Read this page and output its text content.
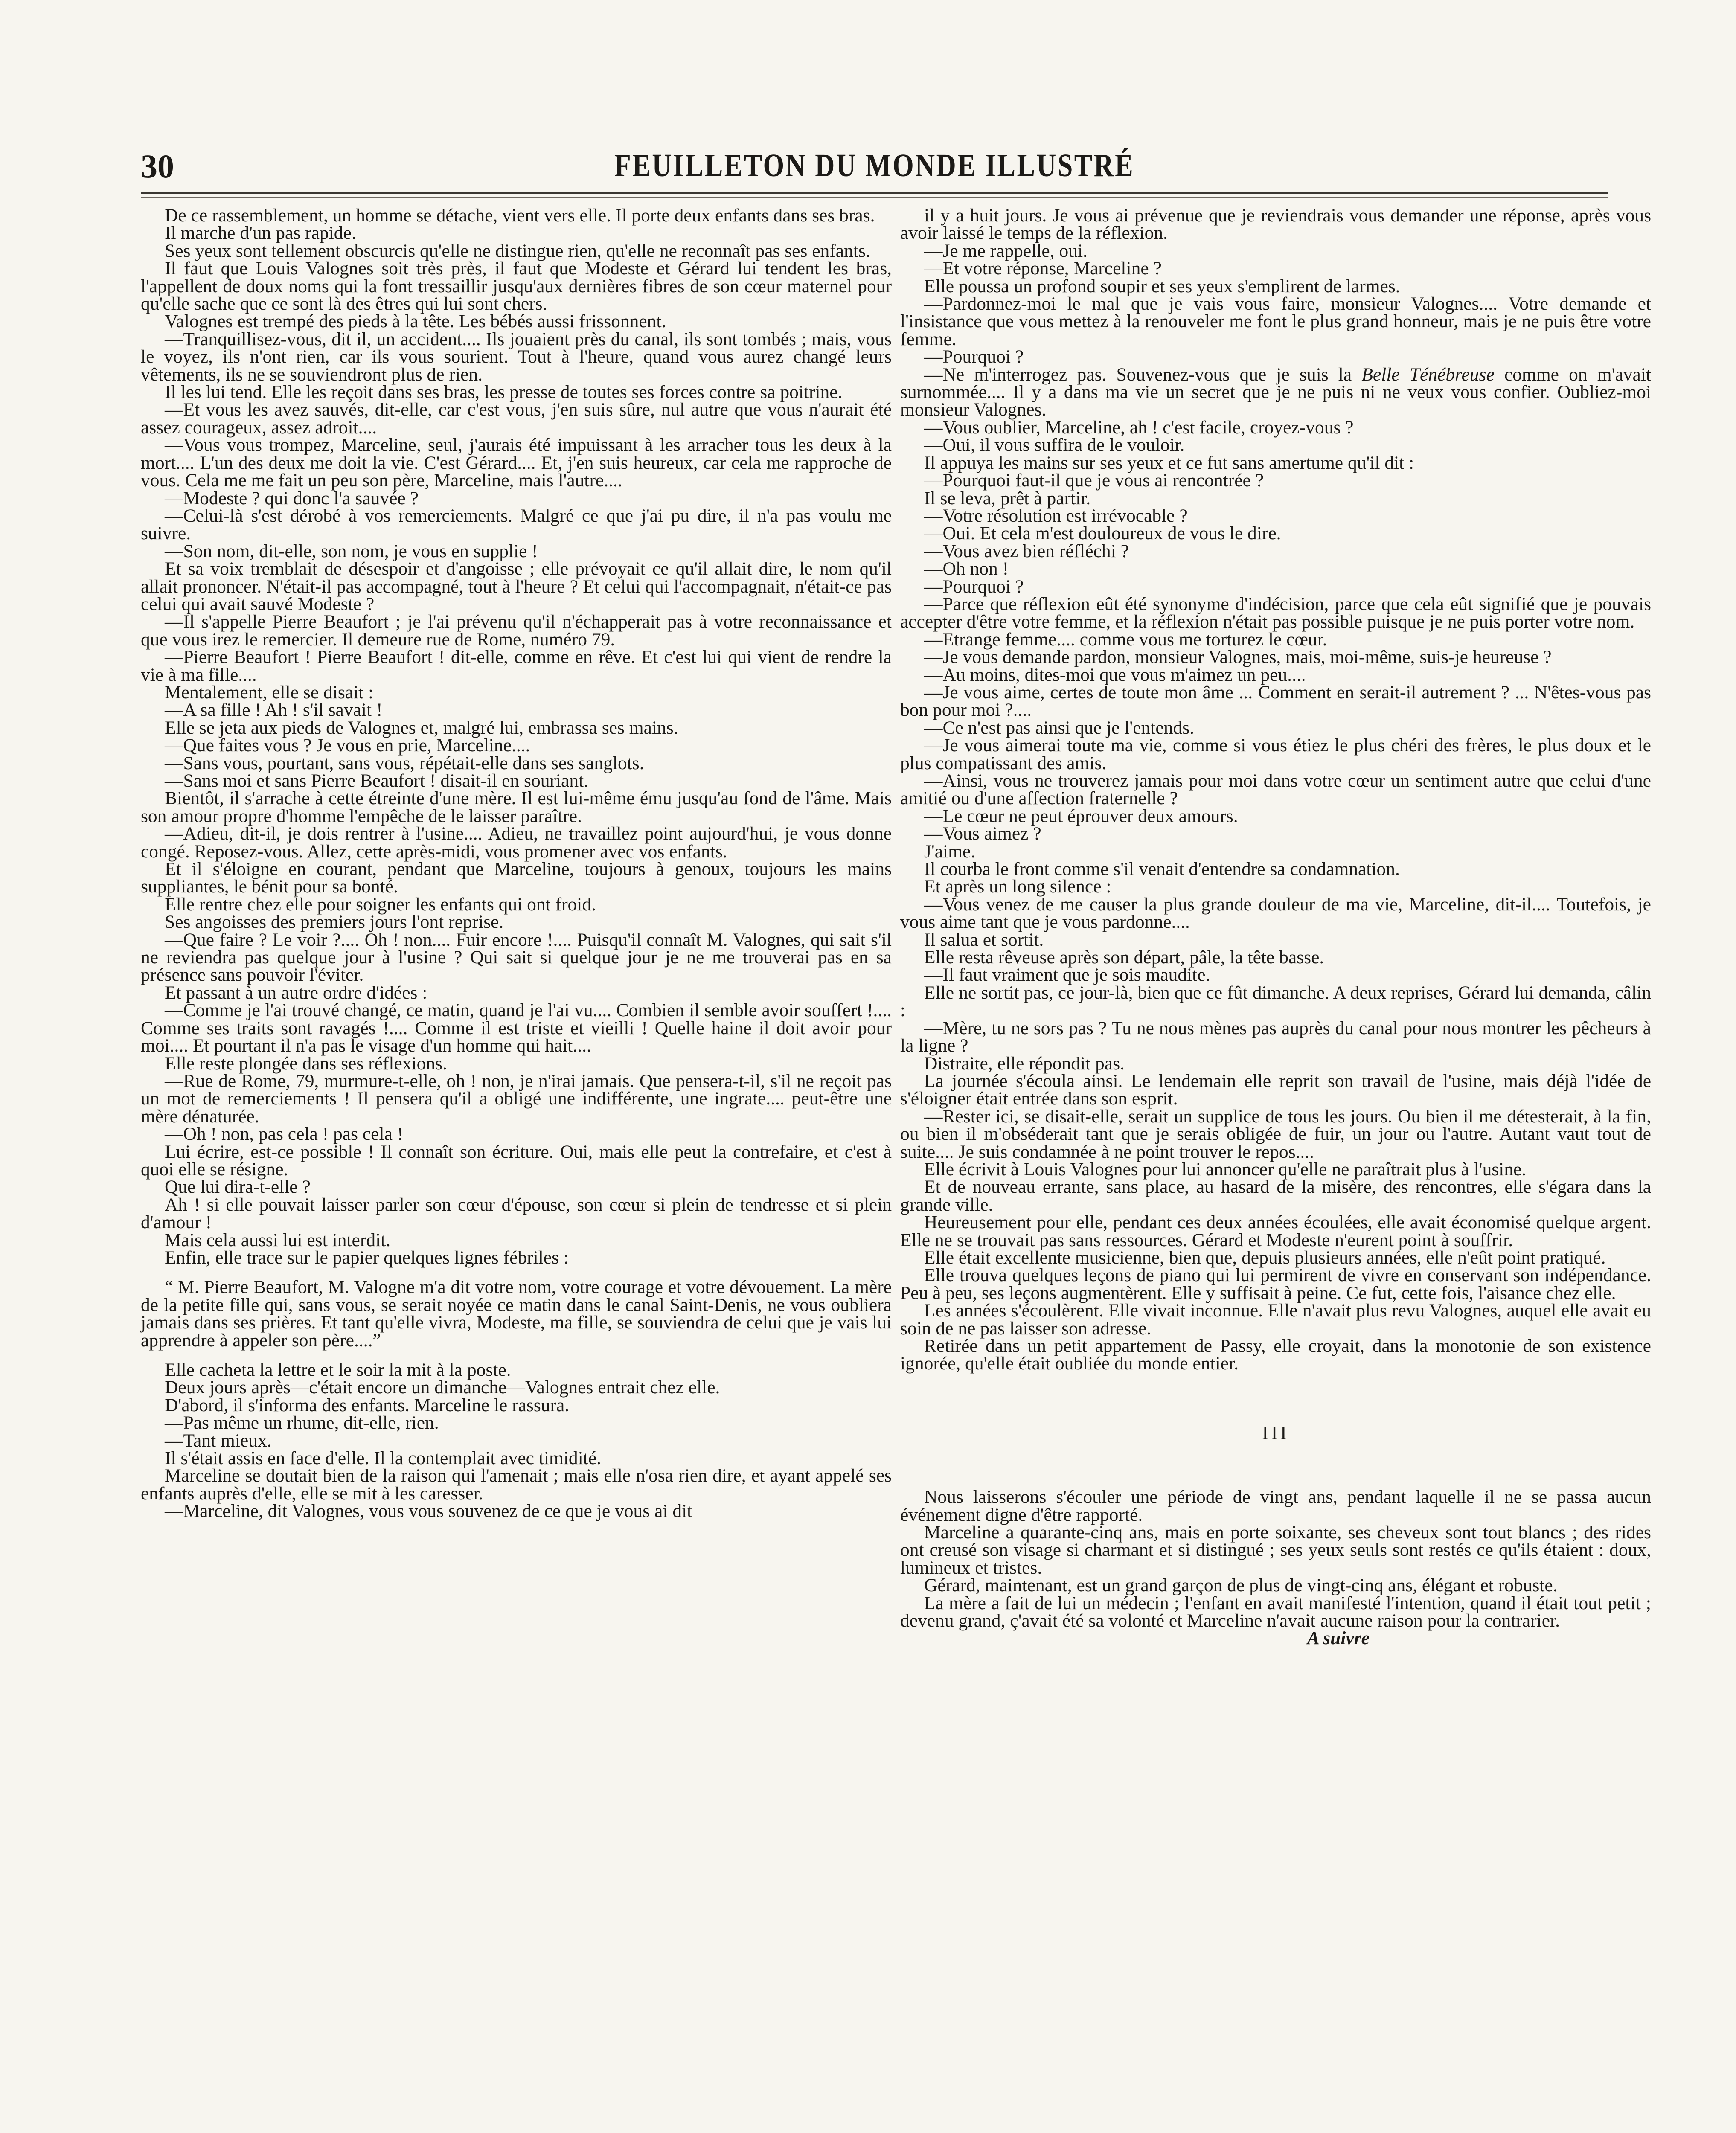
30	FEUILLETON DU MONDE ILLUSTRÉ

De ce rassemblement, un homme se détache, vient vers elle. Il porte deux enfants dans ses bras.

Il marche d'un pas rapide.

Ses yeux sont tellement obscurcis qu'elle ne distingue rien, qu'elle ne reconnaît pas ses enfants.

Il faut que Louis Valognes soit très près, il faut que Modeste et Gérard lui tendent les bras, l'appellent de doux noms qui la font tressaillir jusqu'aux dernières fibres de son cœur maternel pour qu'elle sache que ce sont là des êtres qui lui sont chers.

Valognes est trempé des pieds à la tête. Les bébés aussi frissonnent.

—Tranquillisez-vous, dit il, un accident.... Ils jouaient près du canal, ils sont tombés ; mais, vous le voyez, ils n'ont rien, car ils vous sourient. Tout à l'heure, quand vous aurez changé leurs vêtements, ils ne se souviendront plus de rien.

Il les lui tend. Elle les reçoit dans ses bras, les presse de toutes ses forces contre sa poitrine.

—Et vous les avez sauvés, dit-elle, car c'est vous, j'en suis sûre, nul autre que vous n'aurait été assez courageux, assez adroit....

—Vous vous trompez, Marceline, seul, j'aurais été impuissant à les arracher tous les deux à la mort.... L'un des deux me doit la vie. C'est Gérard.... Et, j'en suis heureux, car cela me rapproche de vous. Cela me me fait un peu son père, Marceline, mais l'autre....

—Modeste ? qui donc l'a sauvée ?

—Celui-là s'est dérobé à vos remerciements. Malgré ce que j'ai pu dire, il n'a pas voulu me suivre.

—Son nom, dit-elle, son nom, je vous en supplie !

Et sa voix tremblait de désespoir et d'angoisse ; elle prévoyait ce qu'il allait dire, le nom qu'il allait prononcer. N'était-il pas accompagné, tout à l'heure ? Et celui qui l'accompagnait, n'était-ce pas celui qui avait sauvé Modeste ?

—Il s'appelle Pierre Beaufort ; je l'ai prévenu qu'il n'échapperait pas à votre reconnaissance et que vous irez le remercier. Il demeure rue de Rome, numéro 79.

—Pierre Beaufort ! Pierre Beaufort ! dit-elle, comme en rêve. Et c'est lui qui vient de rendre la vie à ma fille....

Mentalement, elle se disait :

—A sa fille ! Ah ! s'il savait !

Elle se jeta aux pieds de Valognes et, malgré lui, embrassa ses mains.

—Que faites vous ? Je vous en prie, Marceline....

—Sans vous, pourtant, sans vous, répétait-elle dans ses sanglots.

—Sans moi et sans Pierre Beaufort ! disait-il en souriant.

Bientôt, il s'arrache à cette étreinte d'une mère. Il est lui-même ému jusqu'au fond de l'âme. Mais son amour propre d'homme l'empêche de le laisser paraître.

—Adieu, dit-il, je dois rentrer à l'usine.... Adieu, ne travaillez point aujourd'hui, je vous donne congé. Reposez-vous. Allez, cette après-midi, vous promener avec vos enfants.

Et il s'éloigne en courant, pendant que Marceline, toujours à genoux, toujours les mains suppliantes, le bénit pour sa bonté.

Elle rentre chez elle pour soigner les enfants qui ont froid.

Ses angoisses des premiers jours l'ont reprise.

—Que faire ? Le voir ?.... Oh ! non.... Fuir encore !.... Puisqu'il connaît M. Valognes, qui sait s'il ne reviendra pas quelque jour à l'usine ? Qui sait si quelque jour je ne me trouverai pas en sa présence sans pouvoir l'éviter.

Et passant à un autre ordre d'idées :

—Comme je l'ai trouvé changé, ce matin, quand je l'ai vu.... Combien il semble avoir souffert !.... Comme ses traits sont ravagés !.... Comme il est triste et vieilli ! Quelle haine il doit avoir pour moi.... Et pourtant il n'a pas le visage d'un homme qui hait....

Elle reste plongée dans ses réflexions.

—Rue de Rome, 79, murmure-t-elle, oh ! non, je n'irai jamais. Que pensera-t-il, s'il ne reçoit pas un mot de remerciements ! Il pensera qu'il a obligé une indifférente, une ingrate.... peut-être une mère dénaturée.

—Oh ! non, pas cela ! pas cela !

Lui écrire, est-ce possible ! Il connaît son écriture. Oui, mais elle peut la contrefaire, et c'est à quoi elle se résigne.

Que lui dira-t-elle ?

Ah ! si elle pouvait laisser parler son cœur d'épouse, son cœur si plein de tendresse et si plein d'amour !

Mais cela aussi lui est interdit.

Enfin, elle trace sur le papier quelques lignes fébriles :

“ M. Pierre Beaufort, M. Valogne m'a dit votre nom, votre courage et votre dévouement. La mère de la petite fille qui, sans vous, se serait noyée ce matin dans le canal Saint-Denis, ne vous oubliera jamais dans ses prières. Et tant qu'elle vivra, Modeste, ma fille, se souviendra de celui que je vais lui apprendre à appeler son père....”

Elle cacheta la lettre et le soir la mit à la poste.

Deux jours après—c'était encore un dimanche—Valognes entrait chez elle.

D'abord, il s'informa des enfants. Marceline le rassura.

—Pas même un rhume, dit-elle, rien.

—Tant mieux.

Il s'était assis en face d'elle. Il la contemplait avec timidité.

Marceline se doutait bien de la raison qui l'amenait ; mais elle n'osa rien dire, et ayant appelé ses enfants auprès d'elle, elle se mit à les caresser.

—Marceline, dit Valognes, vous vous souvenez de ce que je vous ai dit

il y a huit jours. Je vous ai prévenue que je reviendrais vous demander une réponse, après vous avoir laissé le temps de la réflexion.

—Je me rappelle, oui.

—Et votre réponse, Marceline ?

Elle poussa un profond soupir et ses yeux s'emplirent de larmes.

—Pardonnez-moi le mal que je vais vous faire, monsieur Valognes.... Votre demande et l'insistance que vous mettez à la renouveler me font le plus grand honneur, mais je ne puis être votre femme.

—Pourquoi ?

—Ne m'interrogez pas. Souvenez-vous que je suis la Belle Ténébreuse comme on m'avait surnommée.... Il y a dans ma vie un secret que je ne puis ni ne veux vous confier. Oubliez-moi monsieur Valognes.

—Vous oublier, Marceline, ah ! c'est facile, croyez-vous ?

—Oui, il vous suffira de le vouloir.

Il appuya les mains sur ses yeux et ce fut sans amertume qu'il dit :

—Pourquoi faut-il que je vous ai rencontrée ?

Il se leva, prêt à partir.

—Votre résolution est irrévocable ?

—Oui. Et cela m'est douloureux de vous le dire.

—Vous avez bien réfléchi ?

—Oh non !

—Pourquoi ?

—Parce que réflexion eût été synonyme d'indécision, parce que cela eût signifié que je pouvais accepter d'être votre femme, et la réflexion n'était pas possible puisque je ne puis porter votre nom.

—Etrange femme.... comme vous me torturez le cœur.

—Je vous demande pardon, monsieur Valognes, mais, moi-même, suis-je heureuse ?

—Au moins, dites-moi que vous m'aimez un peu....

—Je vous aime, certes de toute mon âme ... Comment en serait-il autrement ? ... N'êtes-vous pas bon pour moi ?....

—Ce n'est pas ainsi que je l'entends.

—Je vous aimerai toute ma vie, comme si vous étiez le plus chéri des frères, le plus doux et le plus compatissant des amis.

—Ainsi, vous ne trouverez jamais pour moi dans votre cœur un sentiment autre que celui d'une amitié ou d'une affection fraternelle ?

—Le cœur ne peut éprouver deux amours.

—Vous aimez ?

J'aime.

Il courba le front comme s'il venait d'entendre sa condamnation.

Et après un long silence :

—Vous venez de me causer la plus grande douleur de ma vie, Marceline, dit-il.... Toutefois, je vous aime tant que je vous pardonne....

Il salua et sortit.

Elle resta rêveuse après son départ, pâle, la tête basse.

—Il faut vraiment que je sois maudite.

Elle ne sortit pas, ce jour-là, bien que ce fût dimanche. A deux reprises, Gérard lui demanda, câlin :

—Mère, tu ne sors pas ? Tu ne nous mènes pas auprès du canal pour nous montrer les pêcheurs à la ligne ?

Distraite, elle répondit pas.

La journée s'écoula ainsi. Le lendemain elle reprit son travail de l'usine, mais déjà l'idée de s'éloigner était entrée dans son esprit.

—Rester ici, se disait-elle, serait un supplice de tous les jours. Ou bien il me détesterait, à la fin, ou bien il m'obséderait tant que je serais obligée de fuir, un jour ou l'autre. Autant vaut tout de suite.... Je suis condamnée à ne point trouver le repos....

Elle écrivit à Louis Valognes pour lui annoncer qu'elle ne paraîtrait plus à l'usine.

Et de nouveau errante, sans place, au hasard de la misère, des rencontres, elle s'égara dans la grande ville.

Heureusement pour elle, pendant ces deux années écoulées, elle avait économisé quelque argent. Elle ne se trouvait pas sans ressources. Gérard et Modeste n'eurent point à souffrir.

Elle était excellente musicienne, bien que, depuis plusieurs années, elle n'eût point pratiqué.

Elle trouva quelques leçons de piano qui lui permirent de vivre en conservant son indépendance. Peu à peu, ses leçons augmentèrent. Elle y suffisait à peine. Ce fut, cette fois, l'aisance chez elle.

Les années s'écoulèrent. Elle vivait inconnue. Elle n'avait plus revu Valognes, auquel elle avait eu soin de ne pas laisser son adresse.

Retirée dans un petit appartement de Passy, elle croyait, dans la monotonie de son existence ignorée, qu'elle était oubliée du monde entier.

III

Nous laisserons s'écouler une période de vingt ans, pendant laquelle il ne se passa aucun événement digne d'être rapporté.

Marceline a quarante-cinq ans, mais en porte soixante, ses cheveux sont tout blancs ; des rides ont creusé son visage si charmant et si distingué ; ses yeux seuls sont restés ce qu'ils étaient : doux, lumineux et tristes.

Gérard, maintenant, est un grand garçon de plus de vingt-cinq ans, élégant et robuste.

La mère a fait de lui un médecin ; l'enfant en avait manifesté l'intention, quand il était tout petit ; devenu grand, ç'avait été sa volonté et Marceline n'avait aucune raison pour la contrarier.

A suivre
